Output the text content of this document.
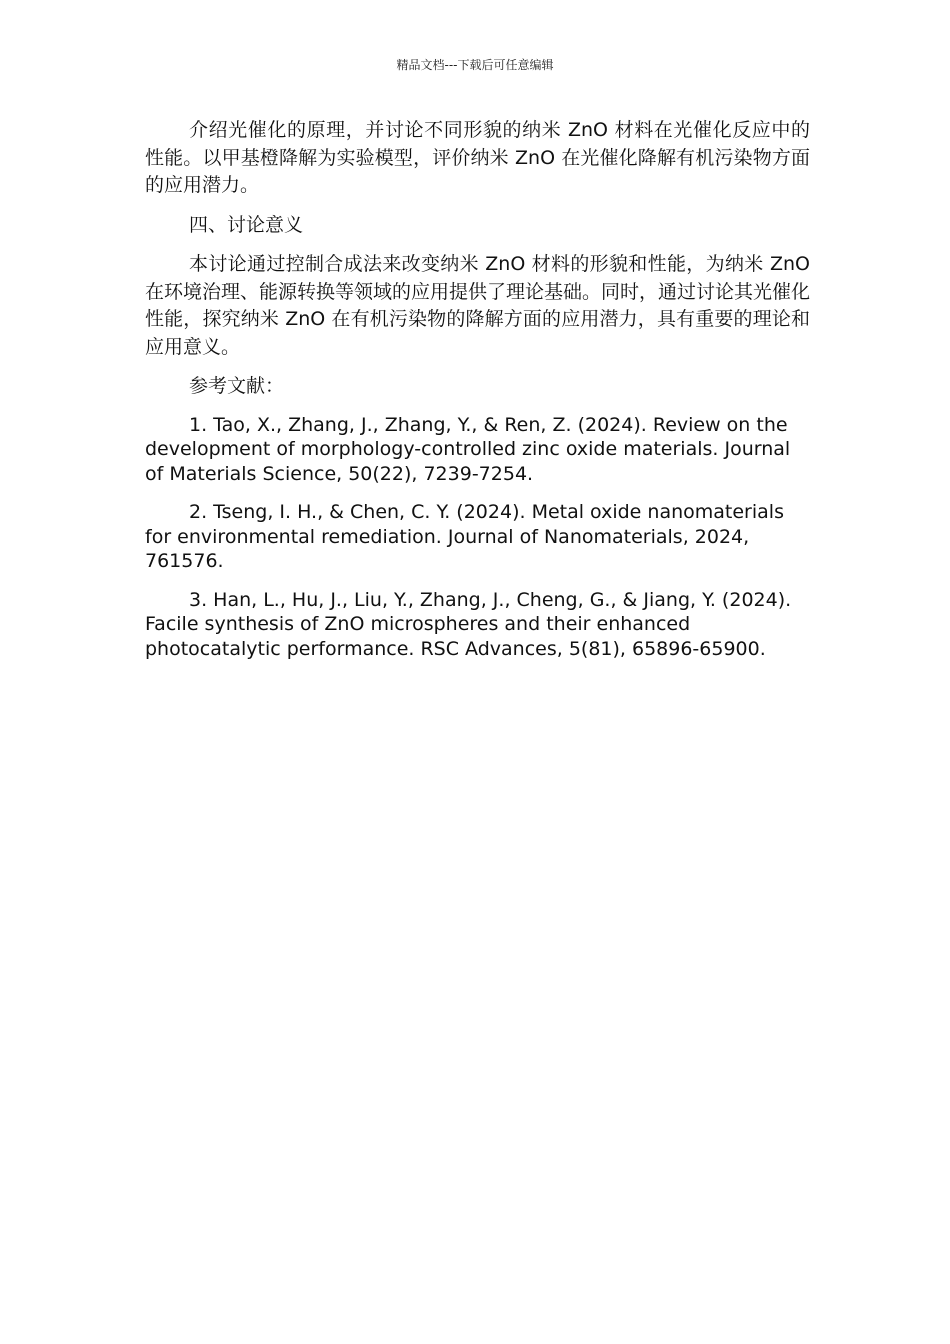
精品文档---下载后可任意编辑

介绍光催化的原理，并讨论不同形貌的纳米 ZnO 材料在光催化反应中的性能。以甲基橙降解为实验模型，评价纳米 ZnO 在光催化降解有机污染物方面的应用潜力。

四、讨论意义

本讨论通过控制合成法来改变纳米 ZnO 材料的形貌和性能，为纳米 ZnO 在环境治理、能源转换等领域的应用提供了理论基础。同时，通过讨论其光催化性能，探究纳米 ZnO 在有机污染物的降解方面的应用潜力，具有重要的理论和应用意义。

参考文献：

1. Tao, X., Zhang, J., Zhang, Y., & Ren, Z. (2024). Review on the development of morphology-controlled zinc oxide materials. Journal of Materials Science, 50(22), 7239-7254.

2. Tseng, I. H., & Chen, C. Y. (2024). Metal oxide nanomaterials for environmental remediation. Journal of Nanomaterials, 2024, 761576.

3. Han, L., Hu, J., Liu, Y., Zhang, J., Cheng, G., & Jiang, Y. (2024). Facile synthesis of ZnO microspheres and their enhanced photocatalytic performance. RSC Advances, 5(81), 65896-65900.
